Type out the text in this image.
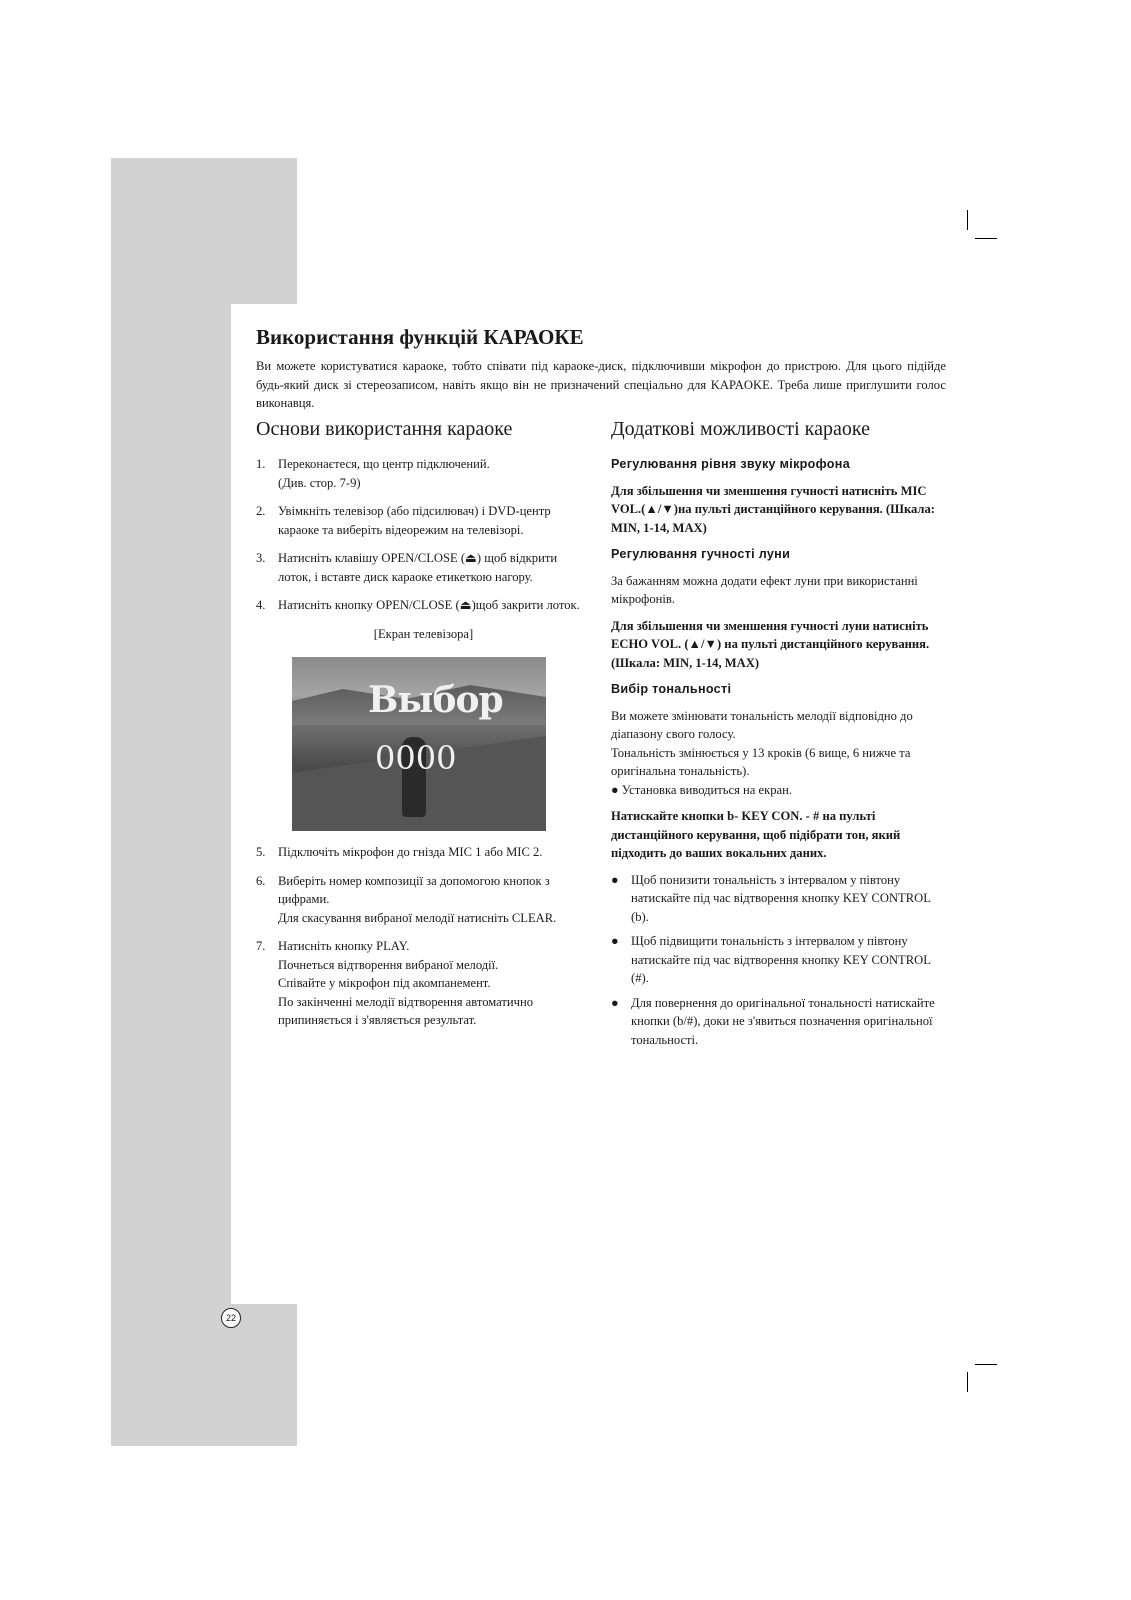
Використання функцій КАРАОКЕ

Ви можете користуватися караоке, тобто співати під караоке-диск, підключивши мікрофон до пристрою. Для цього підійде будь-який диск зі стереозаписом, навіть якщо він не призначений спеціально для KAPAOKE. Треба лише приглушити голос виконавця.

Основи використання караоке	Додаткові можливості караоке
1. Переконаєтеся, що центр підключений.
(Див. стор. 7-9)
2. Увімкніть телевізор (або підсилювач) і DVD-центр караоке та виберіть відеорежим на телевізорі.
3. Натисніть клавішу OPEN/CLOSE (⏏) щоб відкрити лоток, і вставте диск караоке етикеткою нагору.
4. Натисніть кнопку OPEN/CLOSE (⏏)щоб закрити лоток.
[Екран телевізора]
Выбор
0000
5. Підключіть мікрофон до гнізда MIC 1 або MIC 2.
6. Виберіть номер композиції за допомогою кнопок з цифрами.
Для скасування вибраної мелодії натисніть CLEAR.
7. Натисніть кнопку PLAY.
Почнеться відтворення вибраної мелодії.
Співайте у мікрофон під акомпанемент.
По закінченні мелодії відтворення автоматично припиняється і з'являється результат.

Регулювання рівня звуку мікрофона

Для збільшення чи зменшення гучності натисніть MIC VOL.(▲/▼)на пульті дистанційного керування. (Шкала: MIN, 1-14, MAX)

Регулювання гучності луни

За бажанням можна додати ефект луни при використанні мікрофонів.

Для збільшення чи зменшення гучності луни натисніть ECHO VOL. (▲/▼) на пульті дистанційного керування. (Шкала: MIN, 1-14, MAX)

Вибір тональності

Ви можете змінювати тональність мелодії відповідно до діапазону свого голосу.

Тональність змінюється у 13 кроків (6 вище, 6 нижче та оригінальна тональність).

● Установка виводиться на екран.

Натискайте кнопки b- KEY CON. - # на пульті дистанційного керування, щоб підібрати тон, який підходить до ваших вокальних даних.

● Щоб понизити тональність з інтервалом у півтону натискайте під час відтворення кнопку KEY CONTROL (b).
● Щоб підвищити тональність з інтервалом у півтону натискайте під час відтворення кнопку KEY CONTROL (#).
● Для повернення до оригінальної тональності натискайте кнопки (b/#), доки не з'явиться позначення оригінальної тональності.
22
